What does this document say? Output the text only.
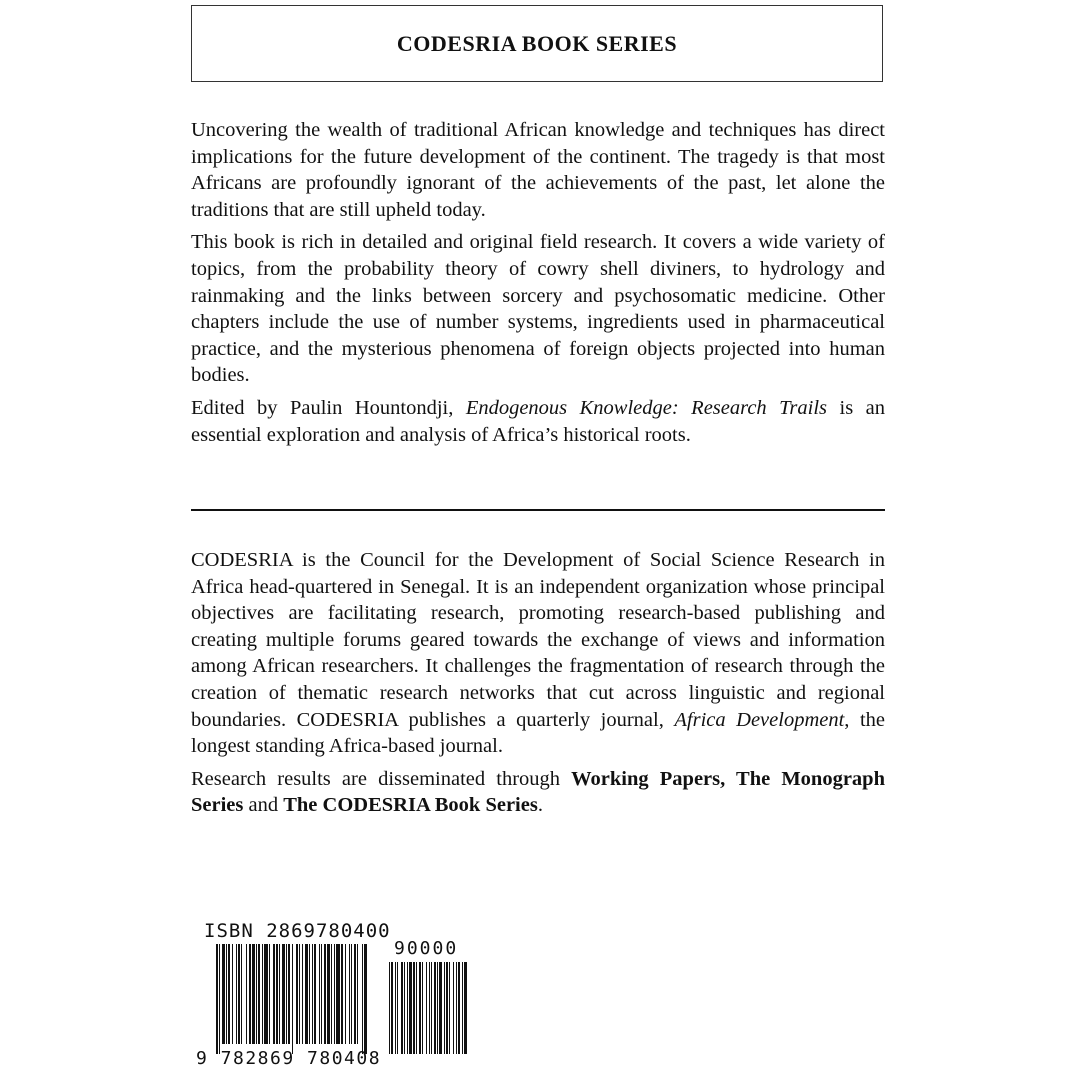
CODESRIA BOOK SERIES

Uncovering the wealth of traditional African knowledge and techniques has direct implications for the future development of the continent. The tragedy is that most Africans are profoundly ignorant of the achievements of the past, let alone the traditions that are still upheld today.

This book is rich in detailed and original field research. It covers a wide variety of topics, from the probability theory of cowry shell diviners, to hydrology and rainmaking and the links between sorcery and psychosomatic medicine. Other chapters include the use of number systems, ingredients used in pharmaceutical practice, and the mysterious phenomena of foreign objects projected into human bodies.

Edited by Paulin Hountondji, Endogenous Knowledge: Research Trails is an essential exploration and analysis of Africa’s historical roots.

CODESRIA is the Council for the Development of Social Science Research in Africa head-quartered in Senegal. It is an independent organization whose principal objectives are facilitating research, promoting research-based publishing and creating multiple forums geared towards the exchange of views and information among African researchers. It challenges the fragmentation of research through the creation of thematic research networks that cut across linguistic and regional boundaries. CODESRIA publishes a quarterly journal, Africa Development, the longest standing Africa-based journal.

Research results are disseminated through Working Papers, The Monograph Series and The CODESRIA Book Series.

ISBN 2869780400
90000
9 782869 780408
